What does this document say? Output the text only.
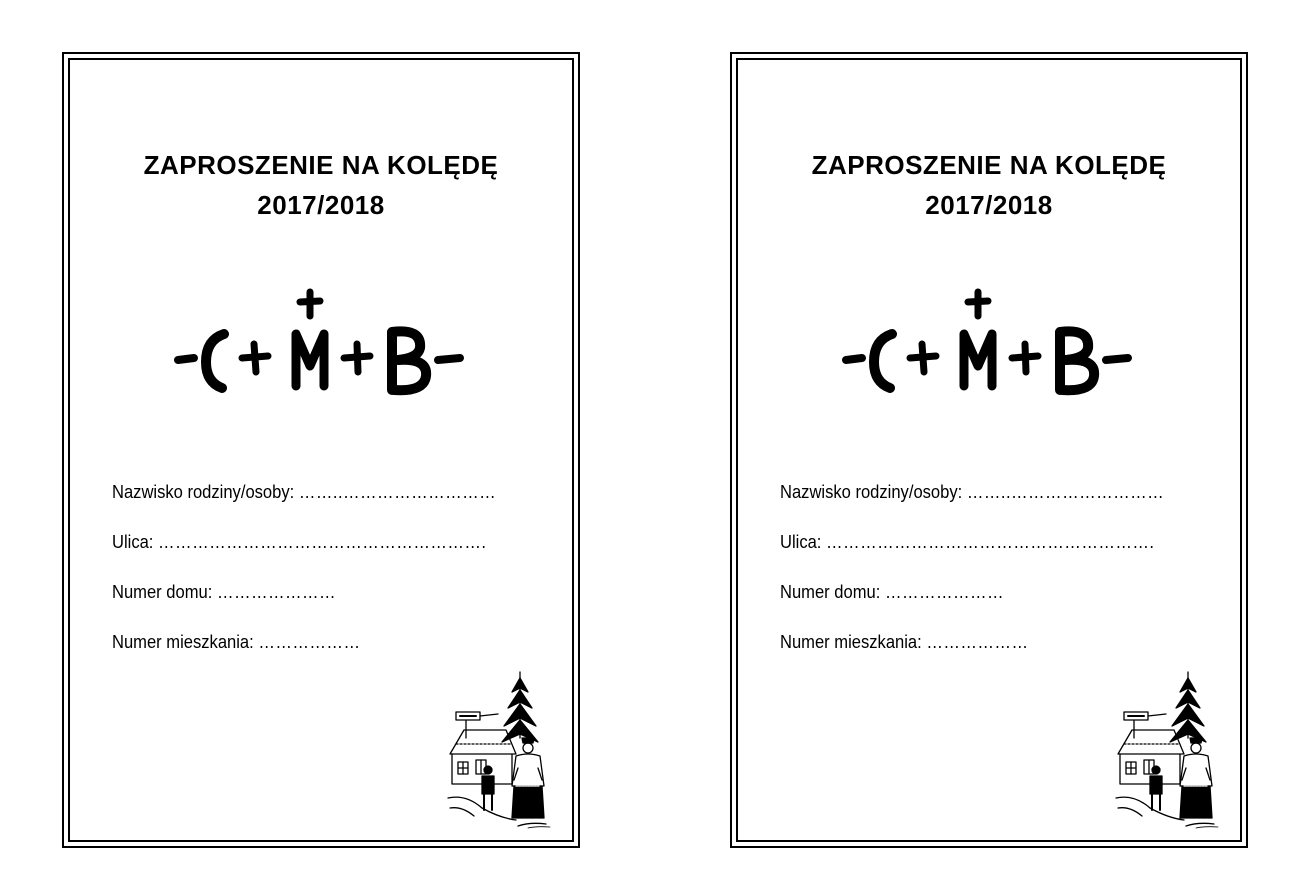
ZAPROSZENIE NA KOLĘDĘ
2017/2018
Nazwisko rodziny/osoby: ……..………………………
Ulica: ………………………………………………….
Numer domu: …………………
Numer mieszkania: ………………
ZAPROSZENIE NA KOLĘDĘ
2017/2018
Nazwisko rodziny/osoby: ……..………………………
Ulica: ………………………………………………….
Numer domu: …………………
Numer mieszkania: ………………
